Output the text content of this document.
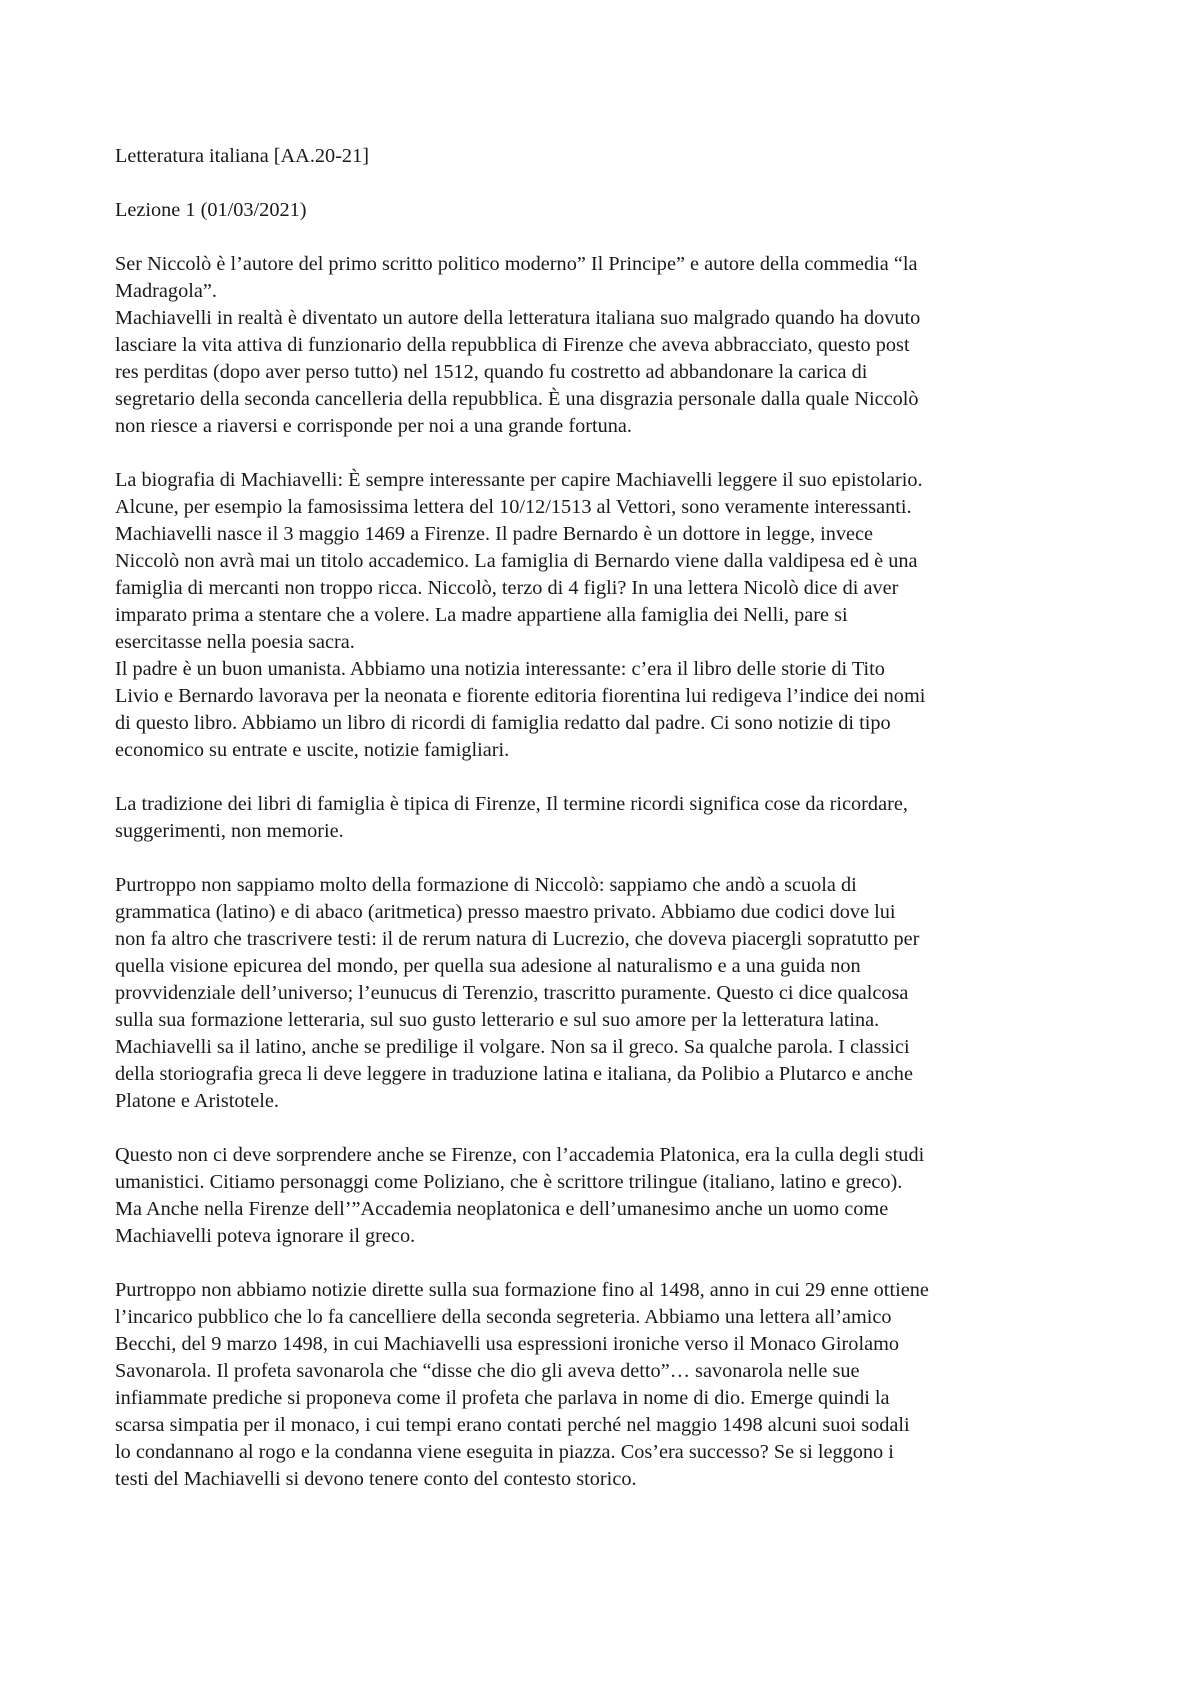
Letteratura italiana [AA.20-21]
Lezione 1 (01/03/2021)
Ser Niccolò è l’autore del primo scritto politico moderno” Il Principe” e autore della commedia “la
Madragola”.
Machiavelli in realtà è diventato un autore della letteratura italiana suo malgrado quando ha dovuto
lasciare la vita attiva di funzionario della repubblica di Firenze che aveva abbracciato, questo post
res perditas (dopo aver perso tutto) nel 1512, quando fu costretto ad abbandonare la carica di
segretario della seconda cancelleria della repubblica. È una disgrazia personale dalla quale Niccolò
non riesce a riaversi e corrisponde per noi a una grande fortuna.
La biografia di Machiavelli: È sempre interessante per capire Machiavelli leggere il suo epistolario.
Alcune, per esempio la famosissima lettera del 10/12/1513 al Vettori, sono veramente interessanti.
Machiavelli nasce il 3 maggio 1469 a Firenze. Il padre Bernardo è un dottore in legge, invece
Niccolò non avrà mai un titolo accademico. La famiglia di Bernardo viene dalla valdipesa ed è una
famiglia di mercanti non troppo ricca. Niccolò, terzo di 4 figli? In una lettera Nicolò dice di aver
imparato prima a stentare che a volere. La madre appartiene alla famiglia dei Nelli, pare si
esercitasse nella poesia sacra.
Il padre è un buon umanista. Abbiamo una notizia interessante: c’era il libro delle storie di Tito
Livio e Bernardo lavorava per la neonata e fiorente editoria fiorentina lui redigeva l’indice dei nomi
di questo libro. Abbiamo un libro di ricordi di famiglia redatto dal padre. Ci sono notizie di tipo
economico su entrate e uscite, notizie famigliari.
La tradizione dei libri di famiglia è tipica di Firenze, Il termine ricordi significa cose da ricordare,
suggerimenti, non memorie.
Purtroppo non sappiamo molto della formazione di Niccolò: sappiamo che andò a scuola di
grammatica (latino) e di abaco (aritmetica) presso maestro privato. Abbiamo due codici dove lui
non fa altro che trascrivere testi: il de rerum natura di Lucrezio, che doveva piacergli sopratutto per
quella visione epicurea del mondo, per quella sua adesione al naturalismo e a una guida non
provvidenziale dell’universo; l’eunucus di Terenzio, trascritto puramente. Questo ci dice qualcosa
sulla sua formazione letteraria, sul suo gusto letterario e sul suo amore per la letteratura latina.
Machiavelli sa il latino, anche se predilige il volgare. Non sa il greco. Sa qualche parola. I classici
della storiografia greca li deve leggere in traduzione latina e italiana, da Polibio a Plutarco e anche
Platone e Aristotele.
Questo non ci deve sorprendere anche se Firenze, con l’accademia Platonica, era la culla degli studi
umanistici. Citiamo personaggi come Poliziano, che è scrittore trilingue (italiano, latino e greco).
Ma Anche nella Firenze dell’”Accademia neoplatonica e dell’umanesimo anche un uomo come
Machiavelli poteva ignorare il greco.
Purtroppo non abbiamo notizie dirette sulla sua formazione fino al 1498, anno in cui 29 enne ottiene
l’incarico pubblico che lo fa cancelliere della seconda segreteria. Abbiamo una lettera all’amico
Becchi, del 9 marzo 1498, in cui Machiavelli usa espressioni ironiche verso il Monaco Girolamo
Savonarola. Il profeta savonarola che “disse che dio gli aveva detto”… savonarola nelle sue
infiammate prediche si proponeva come il profeta che parlava in nome di dio. Emerge quindi la
scarsa simpatia per il monaco, i cui tempi erano contati perché nel maggio 1498 alcuni suoi sodali
lo condannano al rogo e la condanna viene eseguita in piazza. Cos’era successo? Se si leggono i
testi del Machiavelli si devono tenere conto del contesto storico.
